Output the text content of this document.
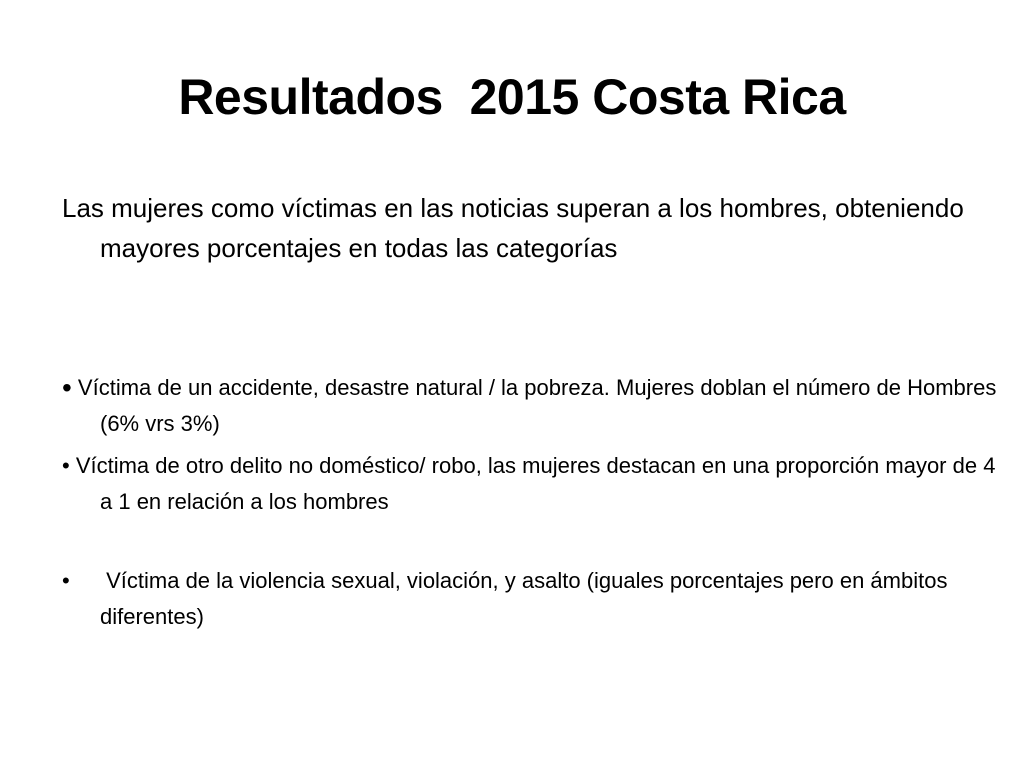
Resultados  2015 Costa Rica

Las mujeres como víctimas en las noticias superan a los hombres, obteniendo mayores porcentajes en todas las categorías

• Víctima de un accidente, desastre natural / la pobreza. Mujeres doblan el número de Hombres (6% vrs 3%)

• Víctima de otro delito no doméstico/ robo, las mujeres destacan en una proporción mayor de 4 a 1 en relación a los hombres

• Víctima de la violencia sexual, violación, y asalto (iguales porcentajes pero en ámbitos diferentes)
